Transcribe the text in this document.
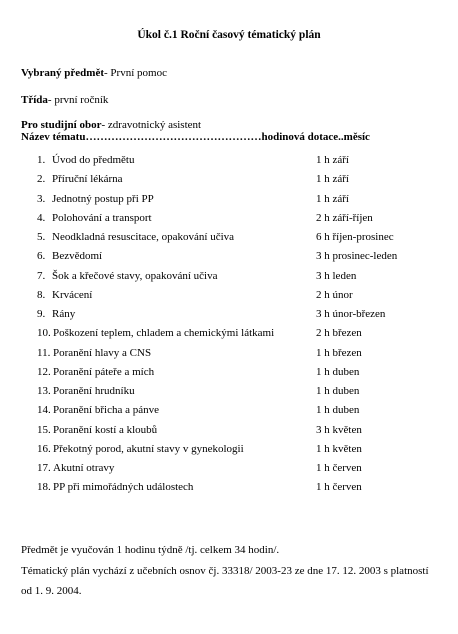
Úkol č.1 Roční časový tématický plán
Vybraný předmět- První pomoc
Třída- první ročník
Pro studijní obor- zdravotnický asistent
Název tématu…………………………………………hodinová dotace..měsíc
1. Úvod do předmětu	1 h září
2. Příruční lékárna	1 h září
3. Jednotný postup při PP	1 h září
4. Polohování a transport	2 h září-říjen
5. Neodkladná resuscitace, opakování učiva	6 h říjen-prosinec
6. Bezvědomí	3 h prosinec-leden
7. Šok a křečové stavy, opakování učiva	3 h leden
8. Krvácení	2 h únor
9. Rány	3 h únor-březen
10. Poškození teplem, chladem a chemickými látkami	2 h březen
11. Poranění hlavy a CNS	1 h březen
12. Poranění páteře a mích	1 h duben
13. Poranění hrudníku	1 h duben
14. Poranění břicha a pánve	1 h duben
15. Poranění kostí a kloubů	3 h květen
16. Překotný porod, akutní stavy v gynekologii	1 h květen
17. Akutní otravy	1 h červen
18. PP při mimořádných událostech	1 h červen
Předmět je vyučován 1 hodinu týdně /tj. celkem 34 hodin/.
Tématický plán vychází z učebních osnov čj. 33318/ 2003-23 ze dne 17. 12. 2003 s platností
od 1. 9. 2004.
